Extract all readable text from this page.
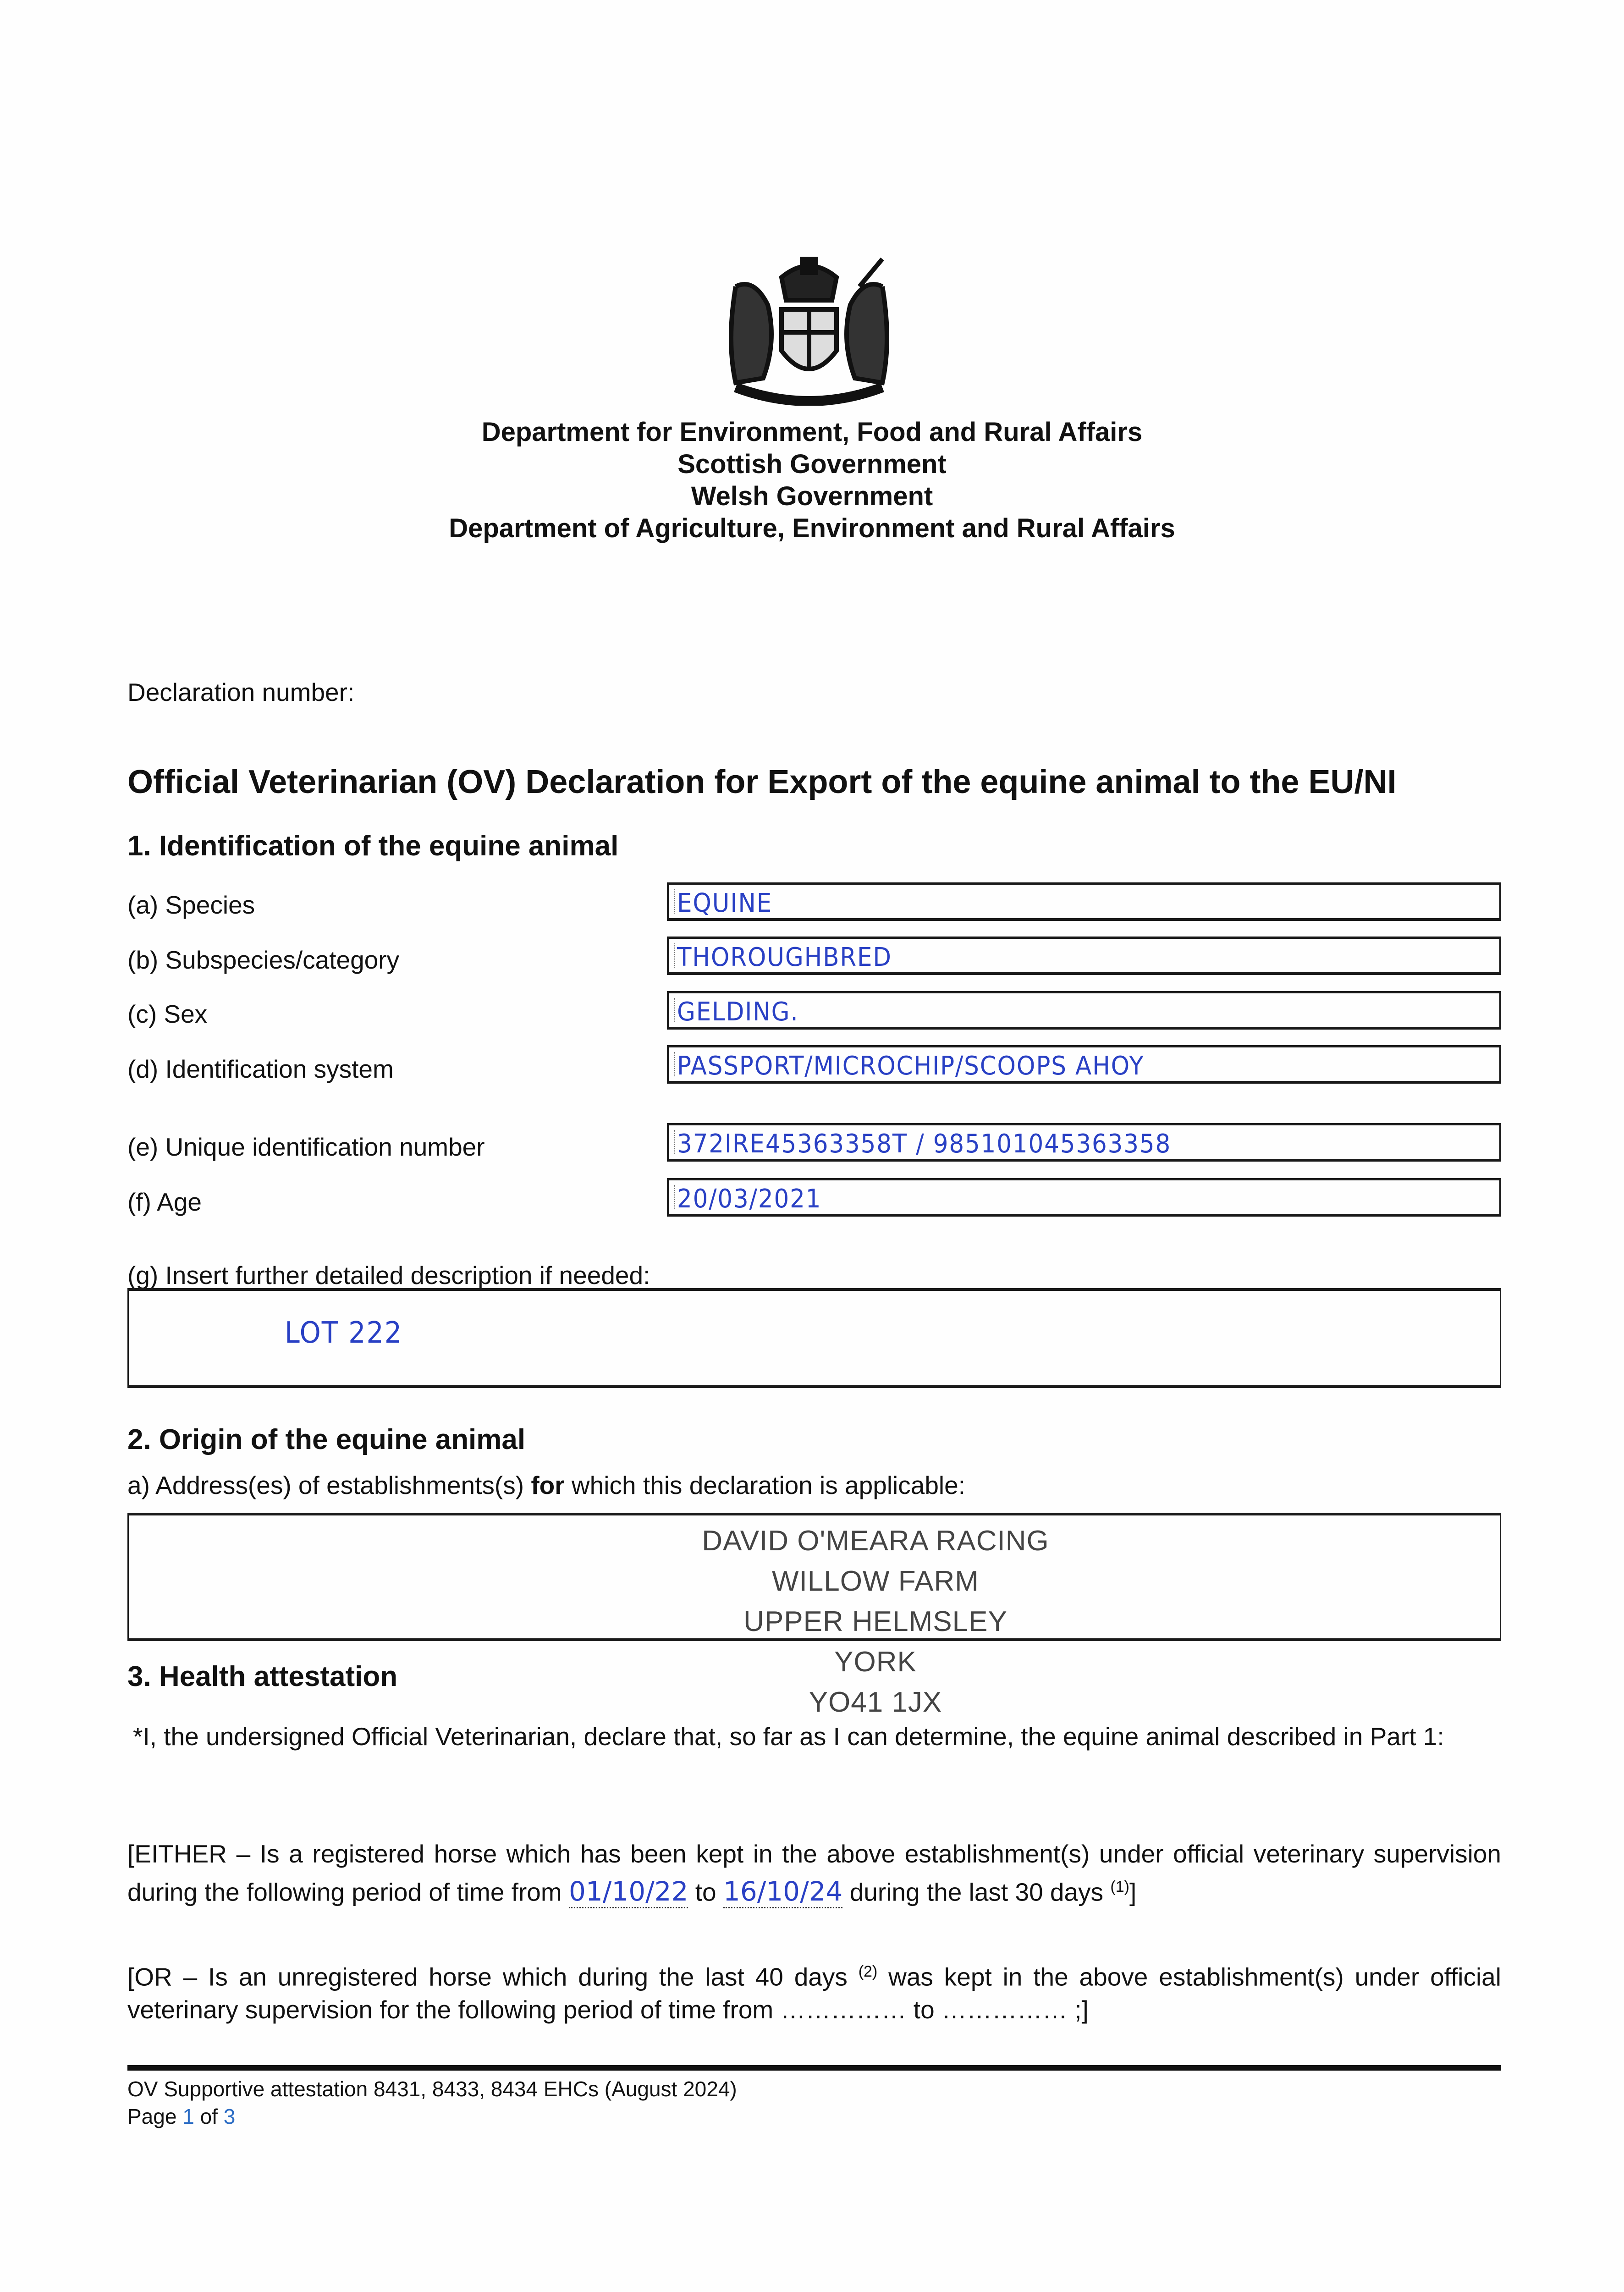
Department for Environment, Food and Rural Affairs
Scottish Government
Welsh Government
Department of Agriculture, Environment and Rural Affairs
Declaration number:
Official Veterinarian (OV) Declaration for Export of the equine animal to the EU/NI
1. Identification of the equine animal
(a) Species
(b) Subspecies/category
(c) Sex
(d) Identification system
(e) Unique identification number
(f) Age
EQUINE
THOROUGHBRED
GELDING.
PASSPORT/MICROCHIP/SCOOPS AHOY
372IRE45363358T / 985101045363358
20/03/2021
(g) Insert further detailed description if needed:
LOT 222
2. Origin of the equine animal
a) Address(es) of establishments(s) for which this declaration is applicable:
DAVID O'MEARA RACING
WILLOW FARM
UPPER HELMSLEY
YORK
YO41 1JX
3. Health attestation
*I, the undersigned Official Veterinarian, declare that, so far as I can determine, the equine animal described in Part 1:
[EITHER – Is a registered horse which has been kept in the above establishment(s) under official veterinary supervision during the following period of time from 01/10/22 to 16/10/24 during the last 30 days $^{(1)}$]
[OR – Is an unregistered horse which during the last 40 days $^{(2)}$ was kept in the above establishment(s) under official veterinary supervision for the following period of time from …………… to …………… ;]
OV Supportive attestation 8431, 8433, 8434 EHCs (August 2024)
Page 1 of 3
